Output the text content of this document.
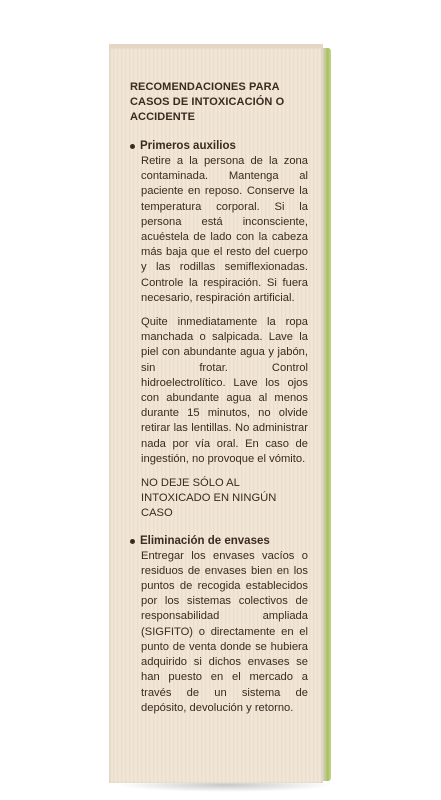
RECOMENDACIONES PARA CASOS DE INTOXICACIÓN O ACCIDENTE

Primeros auxilios

Retire a la persona de la zona contaminada. Mantenga al paciente en reposo. Conserve la temperatura corporal. Si la persona está inconsciente, acuéstela de lado con la cabeza más baja que el resto del cuerpo y las rodillas semiflexionadas. Controle la respiración. Si fuera necesario, respiración artificial.

Quite inmediatamente la ropa manchada o salpicada. Lave la piel con abundante agua y jabón, sin frotar. Control hidroelectrolítico. Lave los ojos con abundante agua al menos durante 15 minutos, no olvide retirar las lentillas. No administrar nada por vía oral. En caso de ingestión, no provoque el vómito.

NO DEJE SÓLO AL INTOXICADO EN NINGÚN CASO

Eliminación de envases

Entregar los envases vacíos o residuos de envases bien en los puntos de recogida establecidos por los sistemas colectivos de responsabilidad ampliada (SIGFITO) o directamente en el punto de venta donde se hubiera adquirido si dichos envases se han puesto en el mercado a través de un sistema de depósito, devolución y retorno.
